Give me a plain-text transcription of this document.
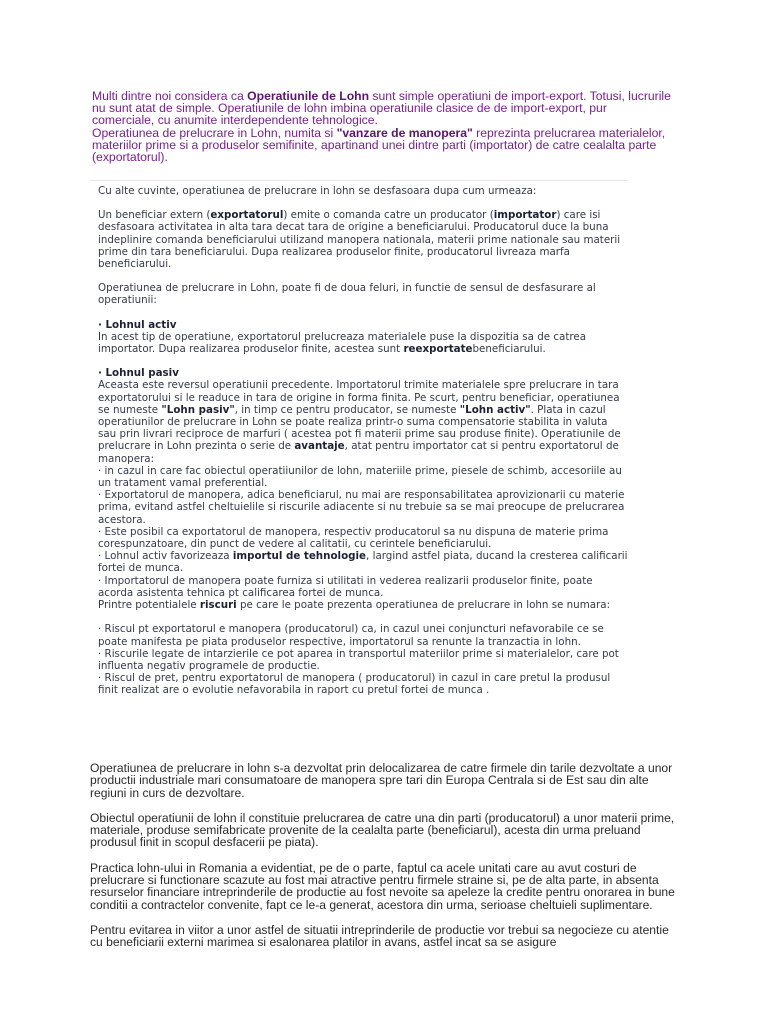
Multi dintre noi considera ca Operatiunile de Lohn sunt simple operatiuni de import-export. Totusi, lucrurile nu sunt atat de simple. Operatiunile de lohn imbina operatiunile clasice de de import-export, pur comerciale, cu anumite interdependente tehnologice.

Operatiunea de prelucrare in Lohn, numita si "vanzare de manopera" reprezinta prelucrarea materialelor, materiilor prime si a produselor semifinite, apartinand unei dintre parti (importator) de catre cealalta parte (exportatorul).

Cu alte cuvinte, operatiunea de prelucrare in lohn se desfasoara dupa cum urmeaza:

Un beneficiar extern (exportatorul) emite o comanda catre un producator (importator) care isi desfasoara activitatea in alta tara decat tara de origine a beneficiarului. Producatorul duce la buna indeplinire comanda beneficiarului utilizand manopera nationala, materii prime nationale sau materii prime din tara beneficiarului. Dupa realizarea produselor finite, producatorul livreaza marfa beneficiarului.

Operatiunea de prelucrare in Lohn, poate fi de doua feluri, in functie de sensul de desfasurare al operatiunii:

· Lohnul activ
In acest tip de operatiune, exportatorul prelucreaza materialele puse la dispozitia sa de catrea importator. Dupa realizarea produselor finite, acestea sunt reexportatebeneficiarului.

· Lohnul pasiv
Aceasta este reversul operatiunii precedente. Importatorul trimite materialele spre prelucrare in tara exportatorului si le readuce in tara de origine in forma finita. Pe scurt, pentru beneficiar, operatiunea se numeste "Lohn pasiv", in timp ce pentru producator, se numeste "Lohn activ". Plata in cazul operatiunilor de prelucrare in Lohn se poate realiza printr-o suma compensatorie stabilita in valuta sau prin livrari reciproce de marfuri ( acestea pot fi materii prime sau produse finite). Operatiunile de prelucrare in Lohn prezinta o serie de avantaje, atat pentru importator cat si pentru exportatorul de manopera:

· in cazul in care fac obiectul operatiiunilor de lohn, materiile prime, piesele de schimb, accesoriile au un tratament vamal preferential.

· Exportatorul de manopera, adica beneficiarul, nu mai are responsabilitatea aprovizionarii cu materie prima, evitand astfel cheltuielile si riscurile adiacente si nu trebuie sa se mai preocupe de prelucrarea acestora.

· Este posibil ca exportatorul de manopera, respectiv producatorul sa nu dispuna de materie prima corespunzatoare, din punct de vedere al calitatii, cu cerintele beneficiarului.

· Lohnul activ favorizeaza importul de tehnologie, largind astfel piata, ducand la cresterea calificarii fortei de munca.

· Importatorul de manopera poate furniza si utilitati in vederea realizarii produselor finite, poate acorda asistenta tehnica pt calificarea fortei de munca.

Printre potentialele riscuri pe care le poate prezenta operatiunea de prelucrare in lohn se numara:

· Riscul pt exportatorul e manopera (producatorul) ca, in cazul unei conjuncturi nefavorabile ce se poate manifesta pe piata produselor respective, importatorul sa renunte la tranzactia in lohn.

· Riscurile legate de intarzierile ce pot aparea in transportul materiilor prime si materialelor, care pot influenta negativ programele de productie.

· Riscul de pret, pentru exportatorul de manopera ( producatorul) in cazul in care pretul la produsul finit realizat are o evolutie nefavorabila in raport cu pretul fortei de munca .

Operatiunea de prelucrare in lohn s-a dezvoltat prin delocalizarea de catre firmele din tarile dezvoltate a unor productii industriale mari consumatoare de manopera spre tari din Europa Centrala si de Est sau din alte regiuni in curs de dezvoltare.

Obiectul operatiunii de lohn il constituie prelucrarea de catre una din parti (producatorul) a unor materii prime, materiale, produse semifabricate provenite de la cealalta parte (beneficiarul), acesta din urma preluand produsul finit in scopul desfacerii pe piata).

Practica lohn-ului in Romania a evidentiat, pe de o parte, faptul ca acele unitati care au avut costuri de prelucrare si functionare scazute au fost mai atractive pentru firmele straine si, pe de alta parte, in absenta resurselor financiare intreprinderile de productie au fost nevoite sa apeleze la credite pentru onorarea in bune conditii a contractelor convenite, fapt ce le-a generat, acestora din urma, serioase cheltuieli suplimentare.

Pentru evitarea in viitor a unor astfel de situatii intreprinderile de productie vor trebui sa negocieze cu atentie cu beneficiarii externi marimea si esalonarea platilor in avans, astfel incat sa se asigure
